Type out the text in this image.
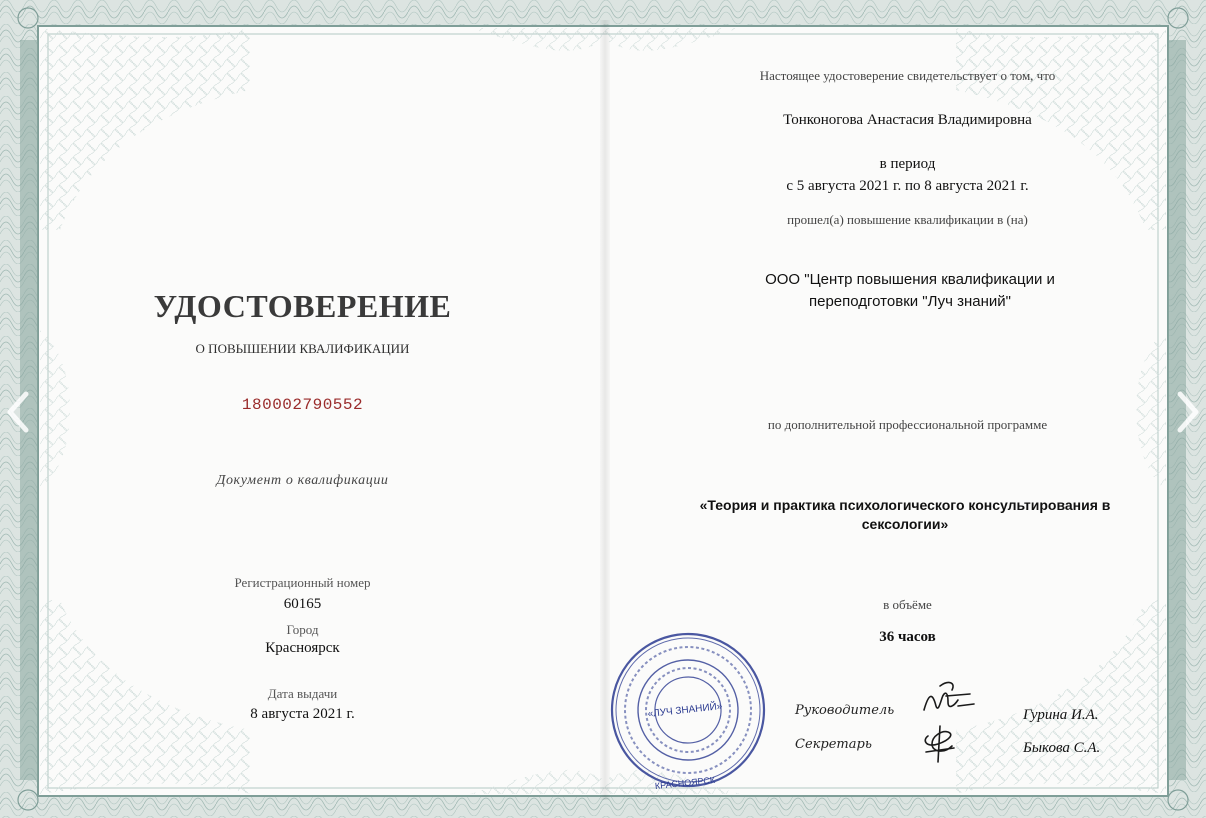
УДОСТОВЕРЕНИЕ
О ПОВЫШЕНИИ КВАЛИФИКАЦИИ
180002790552
Документ о квалификации
Регистрационный номер
60165
Город
Красноярск
Дата выдачи
8 августа 2021 г.
Настоящее удостоверение свидетельствует о том, что
Тонконогова Анастасия Владимировна
в период
с 5 августа 2021 г. по 8 августа 2021 г.
прошел(а) повышение квалификации в (на)
ООО "Центр повышения квалификации и
переподготовки "Луч знаний"
по дополнительной профессиональной программе
«Теория и практика психологического консультирования в
сексологии»
в объёме
36 часов
Руководитель
Секретарь
Гурина И.А.
Быкова С.А.
«ЛУЧ ЗНАНИЙ»
КРАСНОЯРСК
